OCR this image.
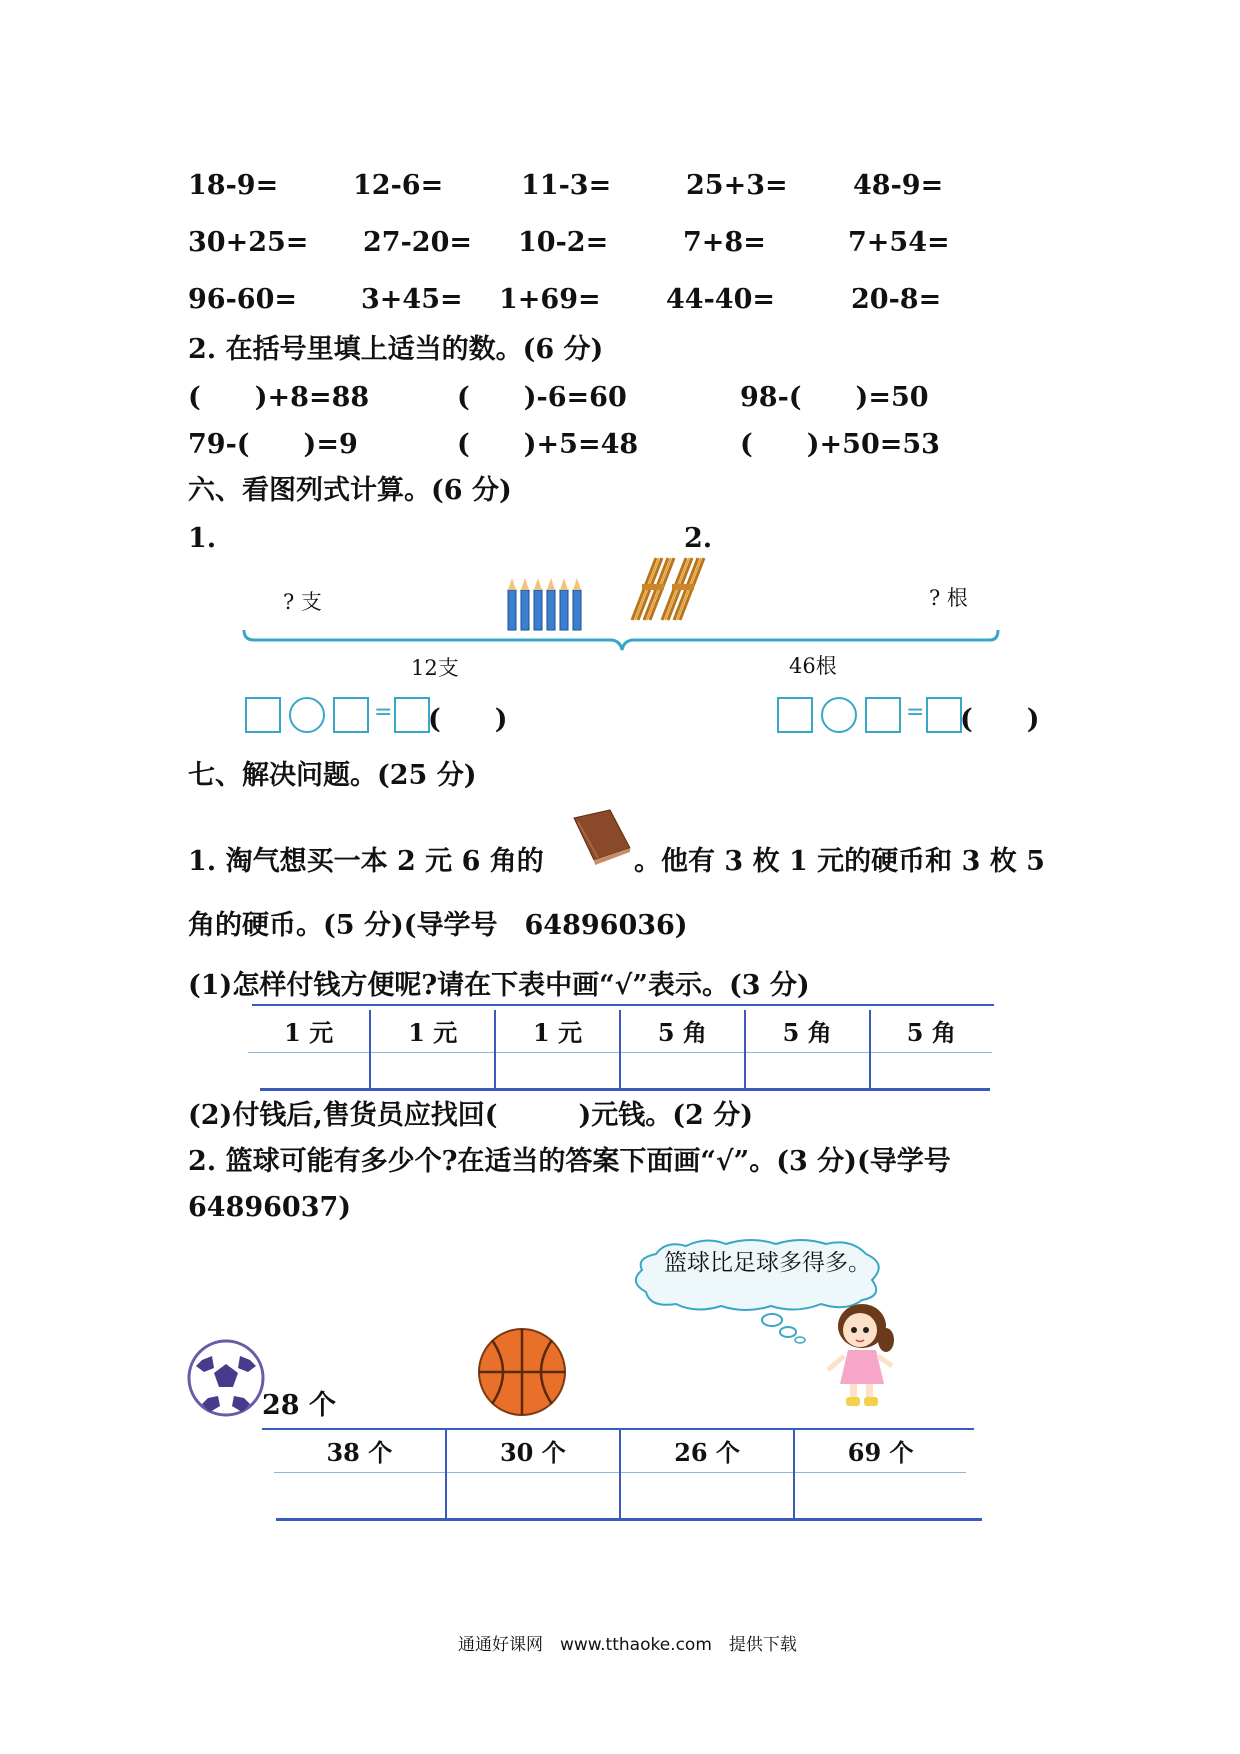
18-9=	12-6=	11-3=	25+3= 48-9=
30+25= 27-20= 10-2=	7+8=	7+54=
96-60= 3+45= 1+69= 44-40=	20-8=
2. 在括号里填上适当的数。(6 分)
(　　)+8=88	(　　)-6=60	98-(　　)=50
79-(　　)=9	(　　)+5=48	(　　)+50=53
六、看图列式计算。(6 分)
1.	2.
? 支	? 根
12支	46根
= (　　)	= (　　)
七、解决问题。(25 分)
1. 淘气想买一本 2 元 6 角的	。他有 3 枚 1 元的硬币和 3 枚 5
角的硬币。(5 分)(导学号　64896036)
(1)怎样付钱方便呢?请在下表中画“√”表示。(3 分)
1 元	1 元	1 元	5 角	5 角	5 角

(2)付钱后,售货员应找回(　　　)元钱。(2 分)
2. 篮球可能有多少个?在适当的答案下面画“√”。(3 分)(导学号
64896037)
篮球比足球多得多。
28 个
38 个	30 个	26 个	69 个

通通好课网　www.tthaoke.com　提供下载
